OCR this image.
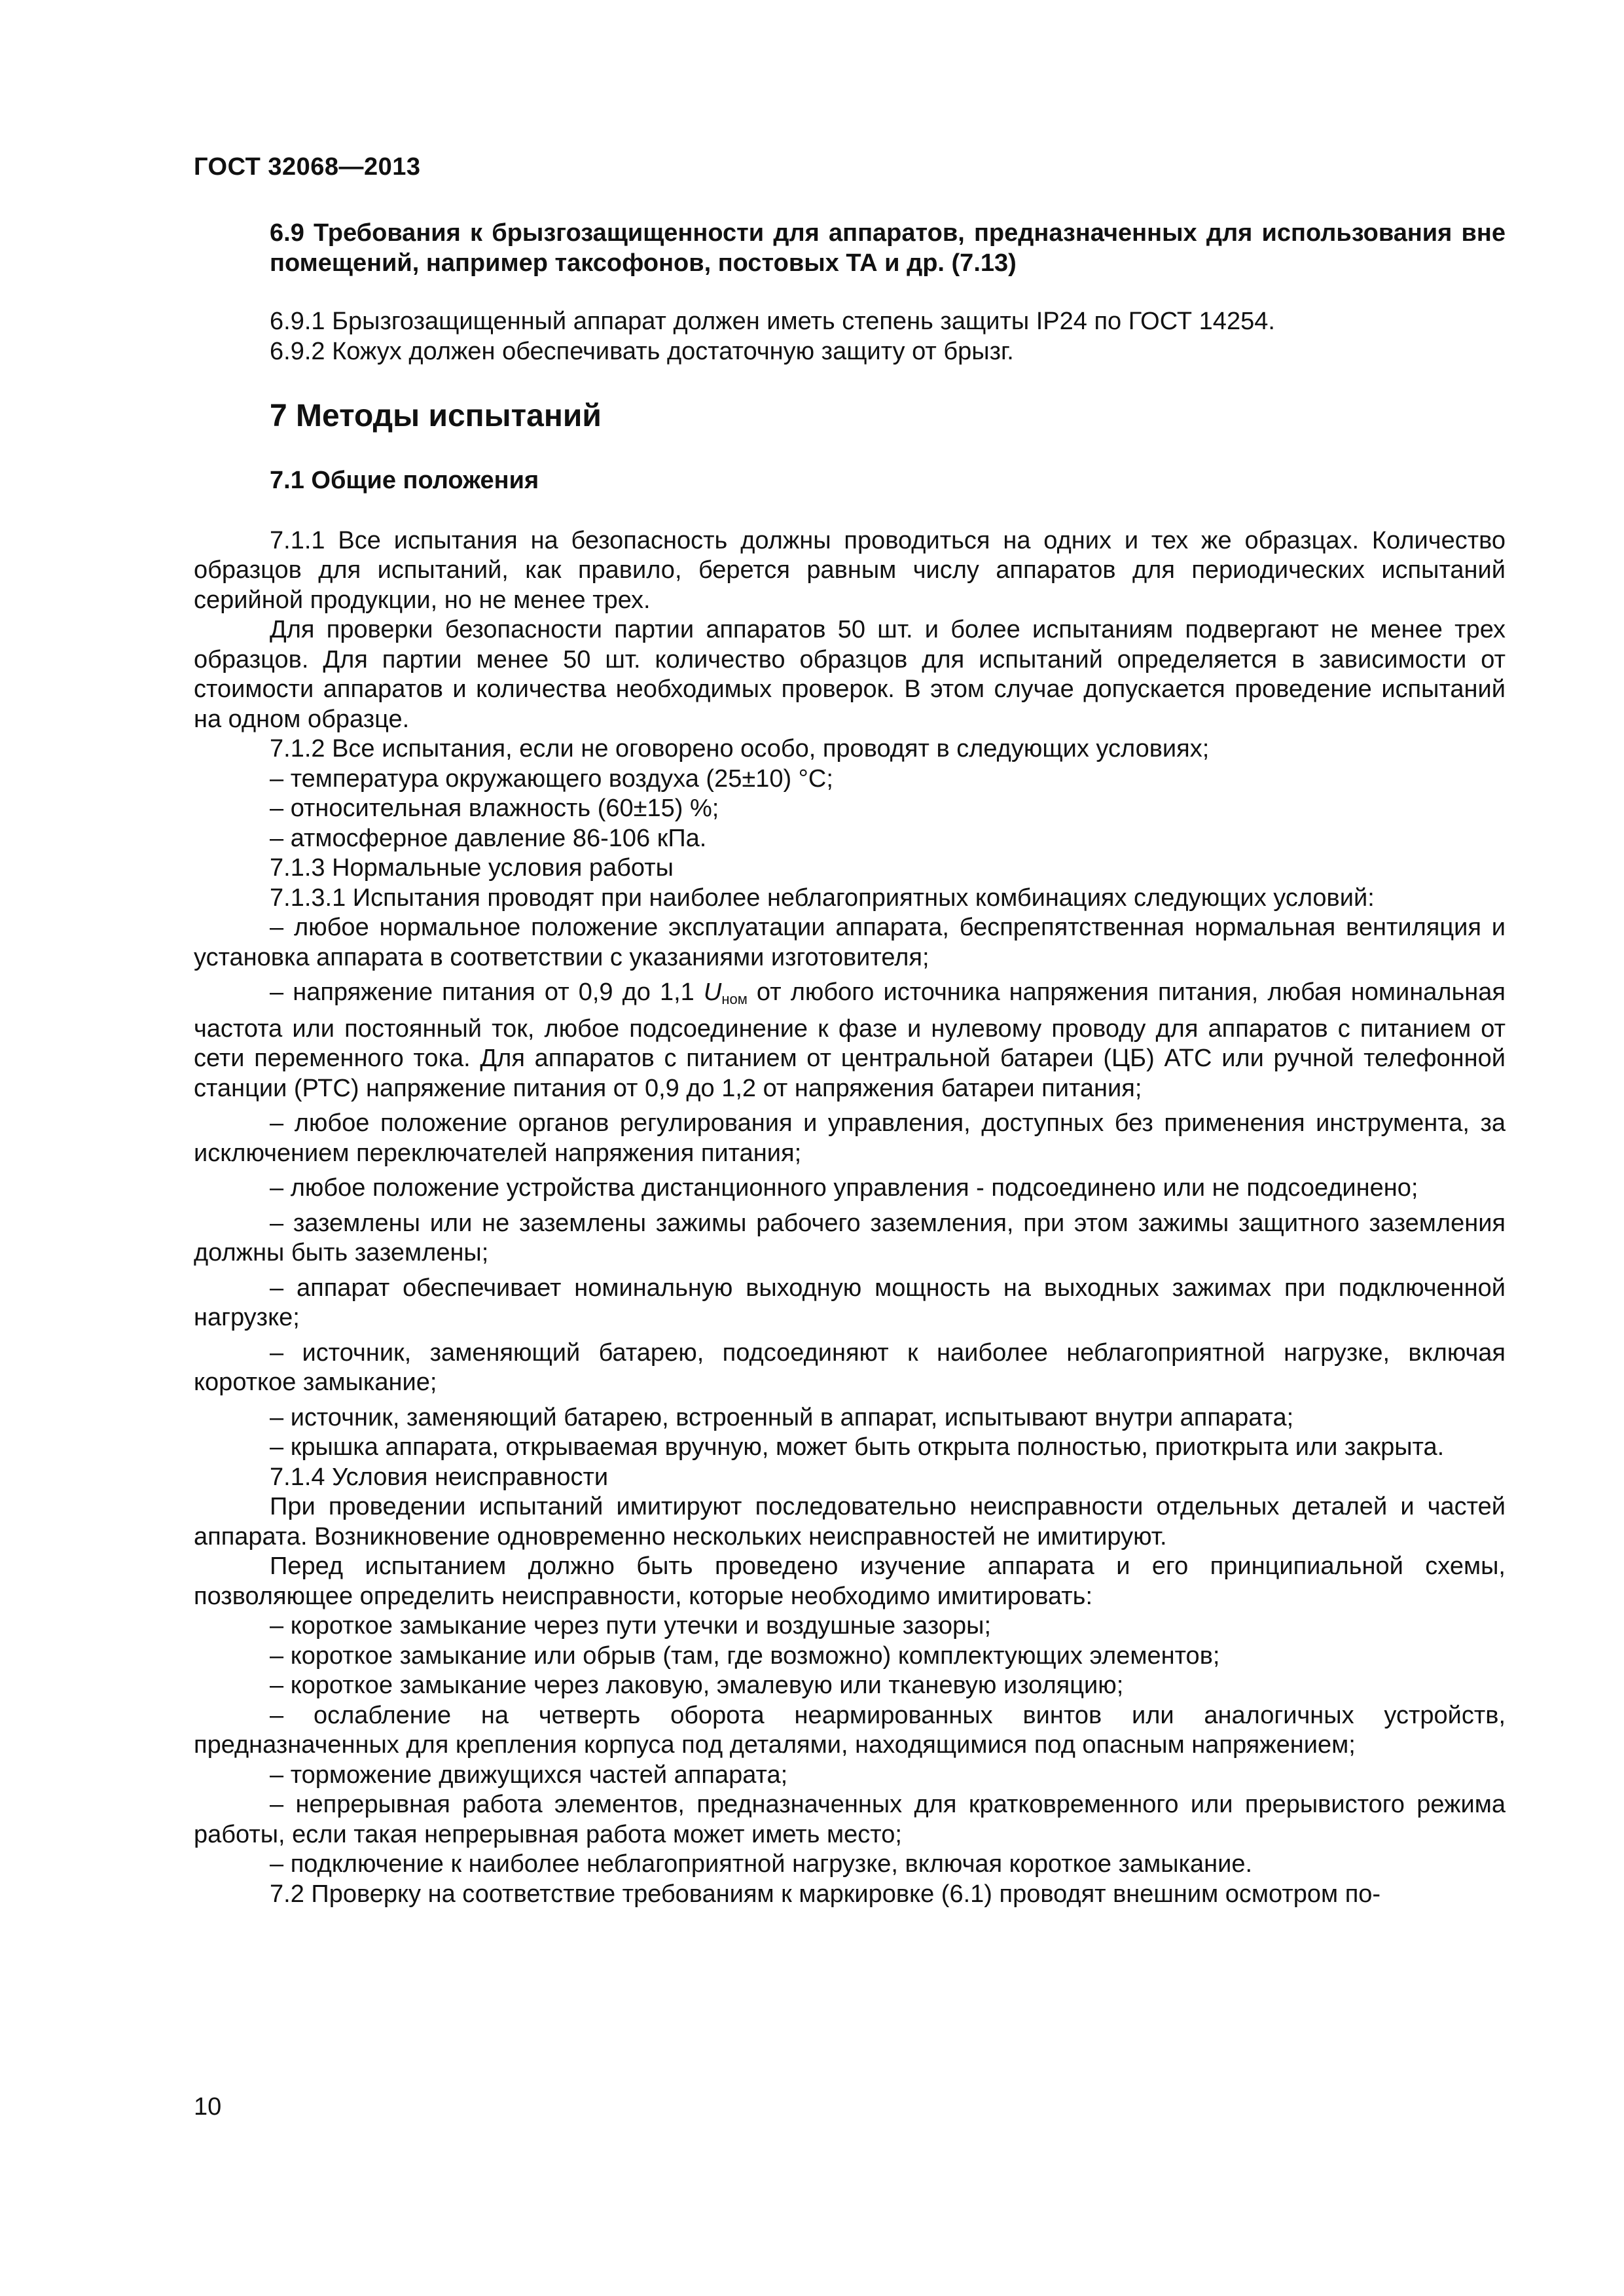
ГОСТ 32068—2013

6.9 Требования к брызгозащищенности для аппаратов, предназначенных для использования вне помещений, например таксофонов, постовых ТА и др. (7.13)

6.9.1 Брызгозащищенный аппарат должен иметь степень защиты IP24 по ГОСТ 14254.

6.9.2 Кожух должен обеспечивать достаточную защиту от брызг.

7 Методы испытаний

7.1 Общие положения

7.1.1 Все испытания на безопасность должны проводиться на одних и тех же образцах. Количество образцов для испытаний, как правило, берется равным числу аппаратов для периодических испытаний серийной продукции, но не менее трех.

Для проверки безопасности партии аппаратов 50 шт. и более испытаниям подвергают не менее трех образцов. Для партии менее 50 шт. количество образцов для испытаний определяется в зависимости от стоимости аппаратов и количества необходимых проверок. В этом случае допускается проведение испытаний на одном образце.

7.1.2 Все испытания, если не оговорено особо, проводят в следующих условиях;

– температура окружающего воздуха (25±10) °С;

– относительная влажность (60±15) %;

– атмосферное давление 86-106 кПа.

7.1.3 Нормальные условия работы

7.1.3.1 Испытания проводят при наиболее неблагоприятных комбинациях следующих условий:

– любое нормальное положение эксплуатации аппарата, беспрепятственная нормальная вентиляция и установка аппарата в соответствии с указаниями изготовителя;

– напряжение питания от 0,9 до 1,1 $U_{ном}$ от любого источника напряжения питания, любая номинальная частота или постоянный ток, любое подсоединение к фазе и нулевому проводу для аппаратов с питанием от сети переменного тока. Для аппаратов с питанием от центральной батареи (ЦБ) АТС или ручной телефонной станции (РТС) напряжение питания от 0,9 до 1,2 от напряжения батареи питания;

– любое положение органов регулирования и управления, доступных без применения инструмента, за исключением переключателей напряжения питания;

– любое положение устройства дистанционного управления - подсоединено или не подсоединено;

– заземлены или не заземлены зажимы рабочего заземления, при этом зажимы защитного заземления должны быть заземлены;

– аппарат обеспечивает номинальную выходную мощность на выходных зажимах при подключенной нагрузке;

– источник, заменяющий батарею, подсоединяют к наиболее неблагоприятной нагрузке, включая короткое замыкание;

– источник, заменяющий батарею, встроенный в аппарат, испытывают внутри аппарата;

– крышка аппарата, открываемая вручную, может быть открыта полностью, приоткрыта или закрыта.

7.1.4 Условия неисправности

При проведении испытаний имитируют последовательно неисправности отдельных деталей и частей аппарата. Возникновение одновременно нескольких неисправностей не имитируют.

Перед испытанием должно быть проведено изучение аппарата и его принципиальной схемы, позволяющее определить неисправности, которые необходимо имитировать:

– короткое замыкание через пути утечки и воздушные зазоры;

– короткое замыкание или обрыв (там, где возможно) комплектующих элементов;

– короткое замыкание через лаковую, эмалевую или тканевую изоляцию;

– ослабление на четверть оборота неармированных винтов или аналогичных устройств, предназначенных для крепления корпуса под деталями, находящимися под опасным напряжением;

– торможение движущихся частей аппарата;

– непрерывная работа элементов, предназначенных для кратковременного или прерывистого режима работы, если такая непрерывная работа может иметь место;

– подключение к наиболее неблагоприятной нагрузке, включая короткое замыкание.

7.2 Проверку на соответствие требованиям к маркировке (6.1) проводят внешним осмотром по-

10
